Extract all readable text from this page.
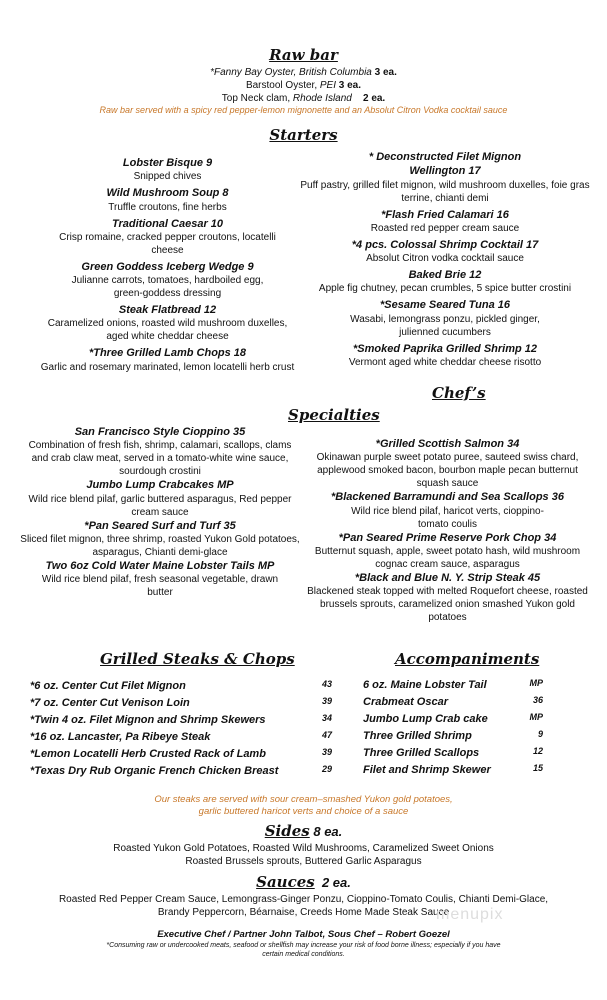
Raw bar
*Fanny Bay Oyster, British Columbia 3 ea.
Barstool Oyster, PEI 3 ea.
Top Neck clam, Rhode Island    2 ea.
Raw bar served with a spicy red pepper-lemon mignonette and an Absolut Citron Vodka cocktail sauce
Starters
Lobster Bisque 9
Snipped chives
Wild Mushroom Soup 8
Truffle croutons, fine herbs
Traditional Caesar 10
Crisp romaine, cracked pepper croutons, locatelli cheese
Green Goddess Iceberg Wedge 9
Julianne carrots, tomatoes, hardboiled egg, green-goddess dressing
Steak Flatbread 12
Caramelized onions, roasted wild mushroom duxelles, aged white cheddar cheese
*Three Grilled Lamb Chops 18
Garlic and rosemary marinated, lemon locatelli herb crust
* Deconstructed Filet Mignon Wellington 17
Puff pastry, grilled filet mignon, wild mushroom duxelles, foie gras terrine, chianti demi
*Flash Fried Calamari 16
Roasted red pepper cream sauce
*4 pcs. Colossal Shrimp Cocktail 17
Absolut Citron vodka cocktail sauce
Baked Brie 12
Apple fig chutney, pecan crumbles, 5 spice butter crostini
*Sesame Seared Tuna 16
Wasabi, lemongrass ponzu, pickled ginger, julienned cucumbers
*Smoked Paprika Grilled Shrimp 12
Vermont aged white cheddar cheese risotto
Chef’s
Specialties
San Francisco Style Cioppino 35
Combination of fresh fish, shrimp, calamari, scallops, clams and crab claw meat, served in a tomato-white wine sauce, sourdough crostini
Jumbo Lump Crabcakes MP
Wild rice blend pilaf, garlic buttered asparagus, Red pepper cream sauce
*Pan Seared Surf and Turf 35
Sliced filet mignon, three shrimp, roasted Yukon Gold potatoes, asparagus, Chianti demi-glace
Two 6oz Cold Water Maine Lobster Tails MP
Wild rice blend pilaf, fresh seasonal vegetable, drawn butter
*Grilled Scottish Salmon 34
Okinawan purple sweet potato puree, sauteed swiss chard, applewood smoked bacon, bourbon maple pecan butternut squash sauce
*Blackened Barramundi and Sea Scallops 36
Wild rice blend pilaf, haricot verts, cioppino-tomato coulis
*Pan Seared Prime Reserve Pork Chop 34
Butternut squash, apple, sweet potato hash, wild mushroom cognac cream sauce, asparagus
*Black and Blue N. Y. Strip Steak 45
Blackened steak topped with melted Roquefort cheese, roasted brussels sprouts, caramelized onion smashed Yukon gold potatoes
Grilled Steaks & Chops
*6 oz. Center Cut Filet Mignon	43
*7 oz. Center Cut Venison Loin	39
*Twin 4 oz. Filet Mignon and Shrimp Skewers	34
*16 oz. Lancaster, Pa Ribeye Steak	47
*Lemon Locatelli Herb Crusted Rack of Lamb	39
*Texas Dry Rub Organic French Chicken Breast	29
Accompaniments
6 oz. Maine Lobster Tail	MP
Crabmeat Oscar	36
Jumbo Lump Crab cake	MP
Three Grilled Shrimp	9
Three Grilled Scallops	12
Filet and Shrimp Skewer	15
Our steaks are served with sour cream–smashed Yukon gold potatoes,
garlic buttered haricot verts and choice of a sauce
Sides 8 ea.
Roasted Yukon Gold Potatoes, Roasted Wild Mushrooms, Caramelized Sweet Onions
Roasted Brussels sprouts, Buttered Garlic Asparagus
Sauces  2 ea.
Roasted Red Pepper Cream Sauce, Lemongrass-Ginger Ponzu, Cioppino-Tomato Coulis, Chianti Demi-Glace,
Brandy Peppercorn, Béarnaise, Creeds Home Made Steak Sauce
menupix
Executive Chef / Partner John Talbot, Sous Chef – Robert Goezel
*Consuming raw or undercooked meats, seafood or shellfish may increase your risk of food borne illness; especially if you have
certain medical conditions.
